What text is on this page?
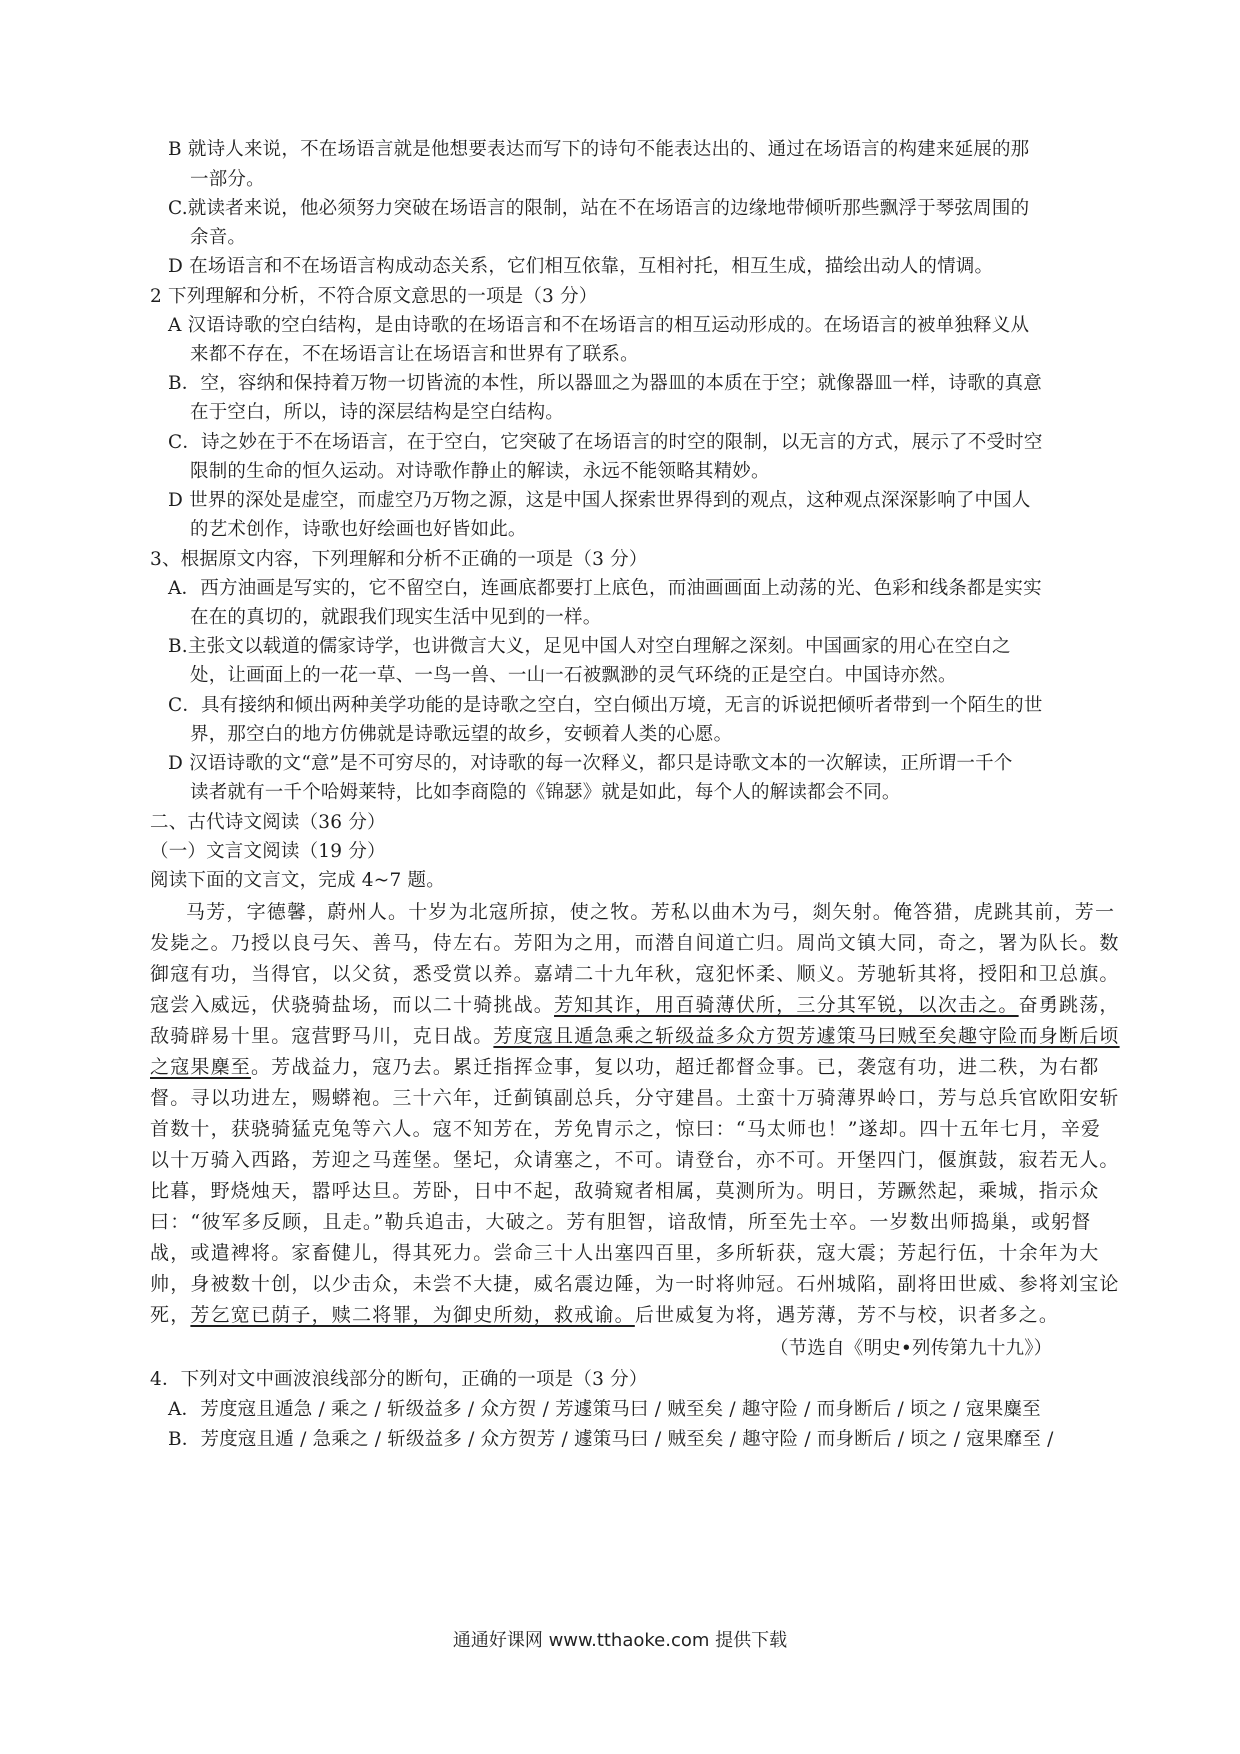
B 就诗人来说，不在场语言就是他想要表达而写下的诗句不能表达出的、通过在场语言的构建来延展的那
一部分。
C.就读者来说，他必须努力突破在场语言的限制，站在不在场语言的边缘地带倾听那些飘浮于琴弦周围的
余音。
D 在场语言和不在场语言构成动态关系，它们相互依靠，互相衬托，相互生成，描绘出动人的情调。
2 下列理解和分析，不符合原文意思的一项是（3 分）
A 汉语诗歌的空白结构，是由诗歌的在场语言和不在场语言的相互运动形成的。在场语言的被单独释义从
来都不存在，不在场语言让在场语言和世界有了联系。
B．空，容纳和保持着万物一切皆流的本性，所以器皿之为器皿的本质在于空；就像器皿一样，诗歌的真意
在于空白，所以，诗的深层结构是空白结构。
C．诗之妙在于不在场语言，在于空白，它突破了在场语言的时空的限制，以无言的方式，展示了不受时空
限制的生命的恒久运动。对诗歌作静止的解读，永远不能领略其精妙。
D 世界的深处是虚空，而虚空乃万物之源，这是中国人探索世界得到的观点，这种观点深深影响了中国人
的艺术创作，诗歌也好绘画也好皆如此。
3、根据原文内容，下列理解和分析不正确的一项是（3 分）
A．西方油画是写实的，它不留空白，连画底都要打上底色，而油画画面上动荡的光、色彩和线条都是实实
在在的真切的，就跟我们现实生活中见到的一样。
B.主张文以载道的儒家诗学，也讲微言大义，足见中国人对空白理解之深刻。中国画家的用心在空白之
处，让画面上的一花一草、一鸟一兽、一山一石被飘渺的灵气环绕的正是空白。中国诗亦然。
C．具有接纳和倾出两种美学功能的是诗歌之空白，空白倾出万境，无言的诉说把倾听者带到一个陌生的世
界，那空白的地方仿佛就是诗歌远望的故乡，安顿着人类的心愿。
D 汉语诗歌的文“意”是不可穷尽的，对诗歌的每一次释义，都只是诗歌文本的一次解读，正所谓一千个
读者就有一千个哈姆莱特，比如李商隐的《锦瑟》就是如此，每个人的解读都会不同。
二、古代诗文阅读（36 分）
（一）文言文阅读（19 分）
阅读下面的文言文，完成 4~7 题。
马芳，字德馨，蔚州人。十岁为北寇所掠，使之牧。芳私以曲木为弓，剡矢射。俺答猎，虎跳其前，芳一
发毙之。乃授以良弓矢、善马，侍左右。芳阳为之用，而潜自间道亡归。周尚文镇大同，奇之，署为队长。数
御寇有功，当得官，以父贫，悉受赏以养。嘉靖二十九年秋，寇犯怀柔、顺义。芳驰斩其将，授阳和卫总旗。
寇尝入威远，伏骁骑盐场，而以二十骑挑战。芳知其诈，用百骑薄伏所，三分其军锐，以次击之。奋勇跳荡，
敌骑辟易十里。寇营野马川，克日战。芳度寇且遁急乘之斩级益多众方贺芳遽策马曰贼至矣趣守险而身断后顷
之寇果麇至。芳战益力，寇乃去。累迁指挥佥事，复以功，超迁都督佥事。已，袭寇有功，进二秩，为右都
督。寻以功进左，赐蟒袍。三十六年，迁蓟镇副总兵，分守建昌。土蛮十万骑薄界岭口，芳与总兵官欧阳安斩
首数十，获骁骑猛克兔等六人。寇不知芳在，芳免胄示之，惊曰：“马太师也！”遂却。四十五年七月，辛爱
以十万骑入西路，芳迎之马莲堡。堡圮，众请塞之，不可。请登台，亦不可。开堡四门，偃旗鼓，寂若无人。
比暮，野烧烛天，嚣呼达旦。芳卧，日中不起，敌骑窥者相属，莫测所为。明日，芳蹶然起，乘城，指示众
曰：“彼军多反顾，且走。”勒兵追击，大破之。芳有胆智，谙敌情，所至先士卒。一岁数出师捣巢，或躬督
战，或遣裨将。家畜健儿，得其死力。尝命三十人出塞四百里，多所斩获，寇大震；芳起行伍，十余年为大
帅，身被数十创，以少击众，未尝不大捷，威名震边陲，为一时将帅冠。石州城陷，副将田世威、参将刘宝论
死，芳乞宽已荫子，赎二将罪，为御史所劾，救戒谕。后世威复为将，遇芳薄，芳不与校，识者多之。
（节选自《明史•列传第九十九》）
4．下列对文中画波浪线部分的断句，正确的一项是（3 分）
A．芳度寇且遁急 / 乘之 / 斩级益多 / 众方贺 / 芳遽策马曰 / 贼至矣 / 趣守险 / 而身断后 / 顷之 / 寇果麋至
B．芳度寇且遁 / 急乘之 / 斩级益多 / 众方贺芳 / 遽策马曰 / 贼至矣 / 趣守险 / 而身断后 / 顷之 / 寇果靡至 /
通通好课网 www.tthaoke.com 提供下载
